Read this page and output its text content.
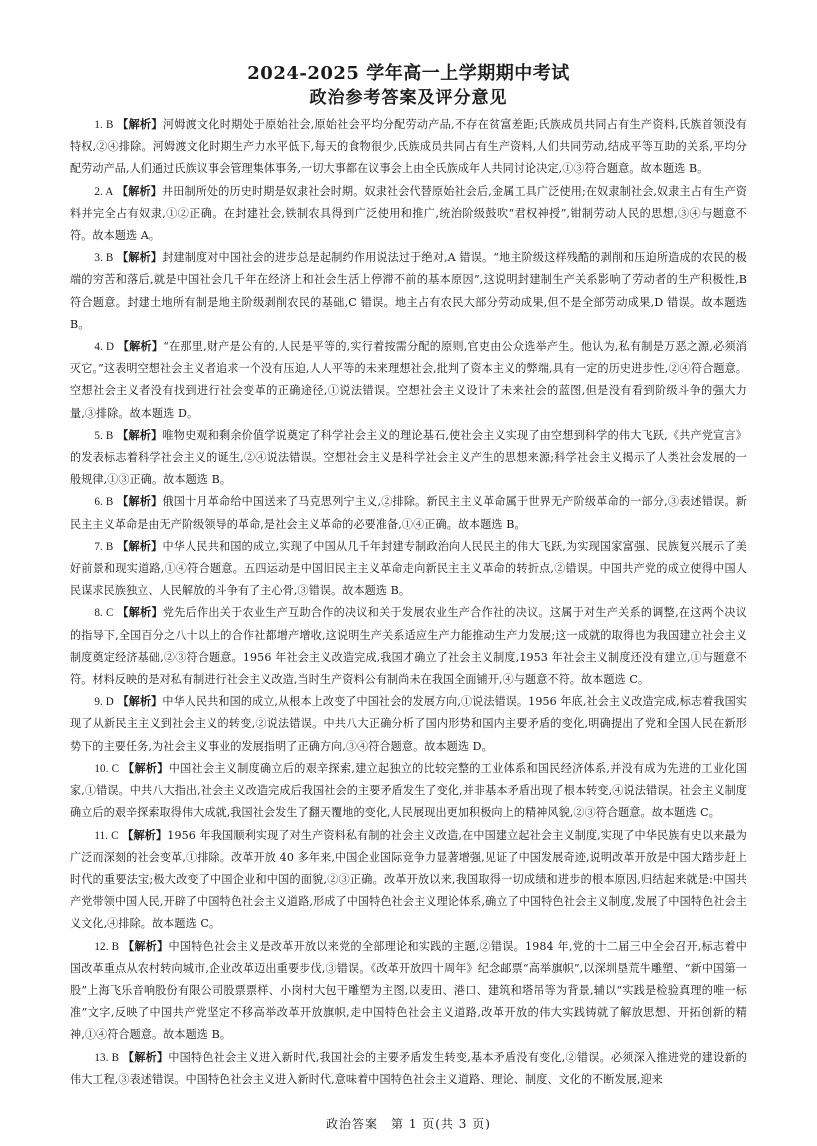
2024-2025 学年高一上学期期中考试
政治参考答案及评分意见

1. B 【解析】河姆渡文化时期处于原始社会,原始社会平均分配劳动产品,不存在贫富差距;氏族成员共同占有生产资料,氏族首领没有特权,②④排除。河姆渡文化时期生产力水平低下,每天的食物很少,氏族成员共同占有生产资料,人们共同劳动,结成平等互助的关系,平均分配劳动产品,人们通过氏族议事会管理集体事务,一切大事都在议事会上由全氏族成年人共同讨论决定,①③符合题意。故本题选 B。

2. A 【解析】井田制所处的历史时期是奴隶社会时期。奴隶社会代替原始社会后,金属工具广泛使用;在奴隶制社会,奴隶主占有生产资料并完全占有奴隶,①②正确。在封建社会,铁制农具得到广泛使用和推广,统治阶级鼓吹“君权神授”,钳制劳动人民的思想,③④与题意不符。故本题选 A。

3. B 【解析】封建制度对中国社会的进步总是起制约作用说法过于绝对,A 错误。“地主阶级这样残酷的剥削和压迫所造成的农民的极端的穷苦和落后,就是中国社会几千年在经济上和社会生活上停滞不前的基本原因”,这说明封建制生产关系影响了劳动者的生产积极性,B 符合题意。封建土地所有制是地主阶级剥削农民的基础,C 错误。地主占有农民大部分劳动成果,但不是全部劳动成果,D 错误。故本题选 B。

4. D 【解析】“在那里,财产是公有的,人民是平等的,实行着按需分配的原则,官吏由公众选举产生。他认为,私有制是万恶之源,必须消灭它。”这表明空想社会主义者追求一个没有压迫,人人平等的未来理想社会,批判了资本主义的弊端,具有一定的历史进步性,②④符合题意。空想社会主义者没有找到进行社会变革的正确途径,①说法错误。空想社会主义设计了未来社会的蓝图,但是没有看到阶级斗争的强大力量,③排除。故本题选 D。

5. B 【解析】唯物史观和剩余价值学说奠定了科学社会主义的理论基石,使社会主义实现了由空想到科学的伟大飞跃,《共产党宣言》的发表标志着科学社会主义的诞生,②④说法错误。空想社会主义是科学社会主义产生的思想来源;科学社会主义揭示了人类社会发展的一般规律,①③正确。故本题选 B。

6. B 【解析】俄国十月革命给中国送来了马克思列宁主义,②排除。新民主主义革命属于世界无产阶级革命的一部分,③表述错误。新民主主义革命是由无产阶级领导的革命,是社会主义革命的必要准备,①④正确。故本题选 B。

7. B 【解析】中华人民共和国的成立,实现了中国从几千年封建专制政治向人民民主的伟大飞跃,为实现国家富强、民族复兴展示了美好前景和现实道路,①④符合题意。五四运动是中国旧民主主义革命走向新民主主义革命的转折点,②错误。中国共产党的成立使得中国人民谋求民族独立、人民解放的斗争有了主心骨,③错误。故本题选 B。

8. C 【解析】党先后作出关于农业生产互助合作的决议和关于发展农业生产合作社的决议。这属于对生产关系的调整,在这两个决议的指导下,全国百分之八十以上的合作社都增产增收,这说明生产关系适应生产力能推动生产力发展;这一成就的取得也为我国建立社会主义制度奠定经济基础,②③符合题意。1956 年社会主义改造完成,我国才确立了社会主义制度,1953 年社会主义制度还没有建立,①与题意不符。材料反映的是对私有制进行社会主义改造,当时生产资料公有制尚未在我国全面铺开,④与题意不符。故本题选 C。

9. D 【解析】中华人民共和国的成立,从根本上改变了中国社会的发展方向,①说法错误。1956 年底,社会主义改造完成,标志着我国实现了从新民主主义到社会主义的转变,②说法错误。中共八大正确分析了国内形势和国内主要矛盾的变化,明确提出了党和全国人民在新形势下的主要任务,为社会主义事业的发展指明了正确方向,③④符合题意。故本题选 D。

10. C 【解析】中国社会主义制度确立后的艰辛探索,建立起独立的比较完整的工业体系和国民经济体系,并没有成为先进的工业化国家,①错误。中共八大指出,社会主义改造完成后我国社会的主要矛盾发生了变化,并非基本矛盾出现了根本转变,④说法错误。社会主义制度确立后的艰辛探索取得伟大成就,我国社会发生了翻天覆地的变化,人民展现出更加积极向上的精神风貌,②③符合题意。故本题选 C。

11. C 【解析】1956 年我国顺利实现了对生产资料私有制的社会主义改造,在中国建立起社会主义制度,实现了中华民族有史以来最为广泛而深刻的社会变革,①排除。改革开放 40 多年来,中国企业国际竞争力显著增强,见证了中国发展奇迹,说明改革开放是中国大踏步赶上时代的重要法宝;极大改变了中国企业和中国的面貌,②③正确。改革开放以来,我国取得一切成绩和进步的根本原因,归结起来就是:中国共产党带领中国人民,开辟了中国特色社会主义道路,形成了中国特色社会主义理论体系,确立了中国特色社会主义制度,发展了中国特色社会主义文化,④排除。故本题选 C。

12. B 【解析】中国特色社会主义是改革开放以来党的全部理论和实践的主题,②错误。1984 年,党的十二届三中全会召开,标志着中国改革重点从农村转向城市,企业改革迈出重要步伐,③错误。《改革开放四十周年》纪念邮票“高举旗帜”,以深圳垦荒牛雕塑、“新中国第一股”上海飞乐音响股份有限公司股票票样、小岗村大包干雕塑为主图,以麦田、港口、建筑和塔吊等为背景,辅以“实践是检验真理的唯一标准”文字,反映了中国共产党坚定不移高举改革开放旗帜,走中国特色社会主义道路,改革开放的伟大实践铸就了解放思想、开拓创新的精神,①④符合题意。故本题选 B。

13. B 【解析】中国特色社会主义进入新时代,我国社会的主要矛盾发生转变,基本矛盾没有变化,②错误。必须深入推进党的建设新的伟大工程,③表述错误。中国特色社会主义进入新时代,意味着中国特色社会主义道路、理论、制度、文化的不断发展,迎来

政治答案　第 1 页(共 3 页)
